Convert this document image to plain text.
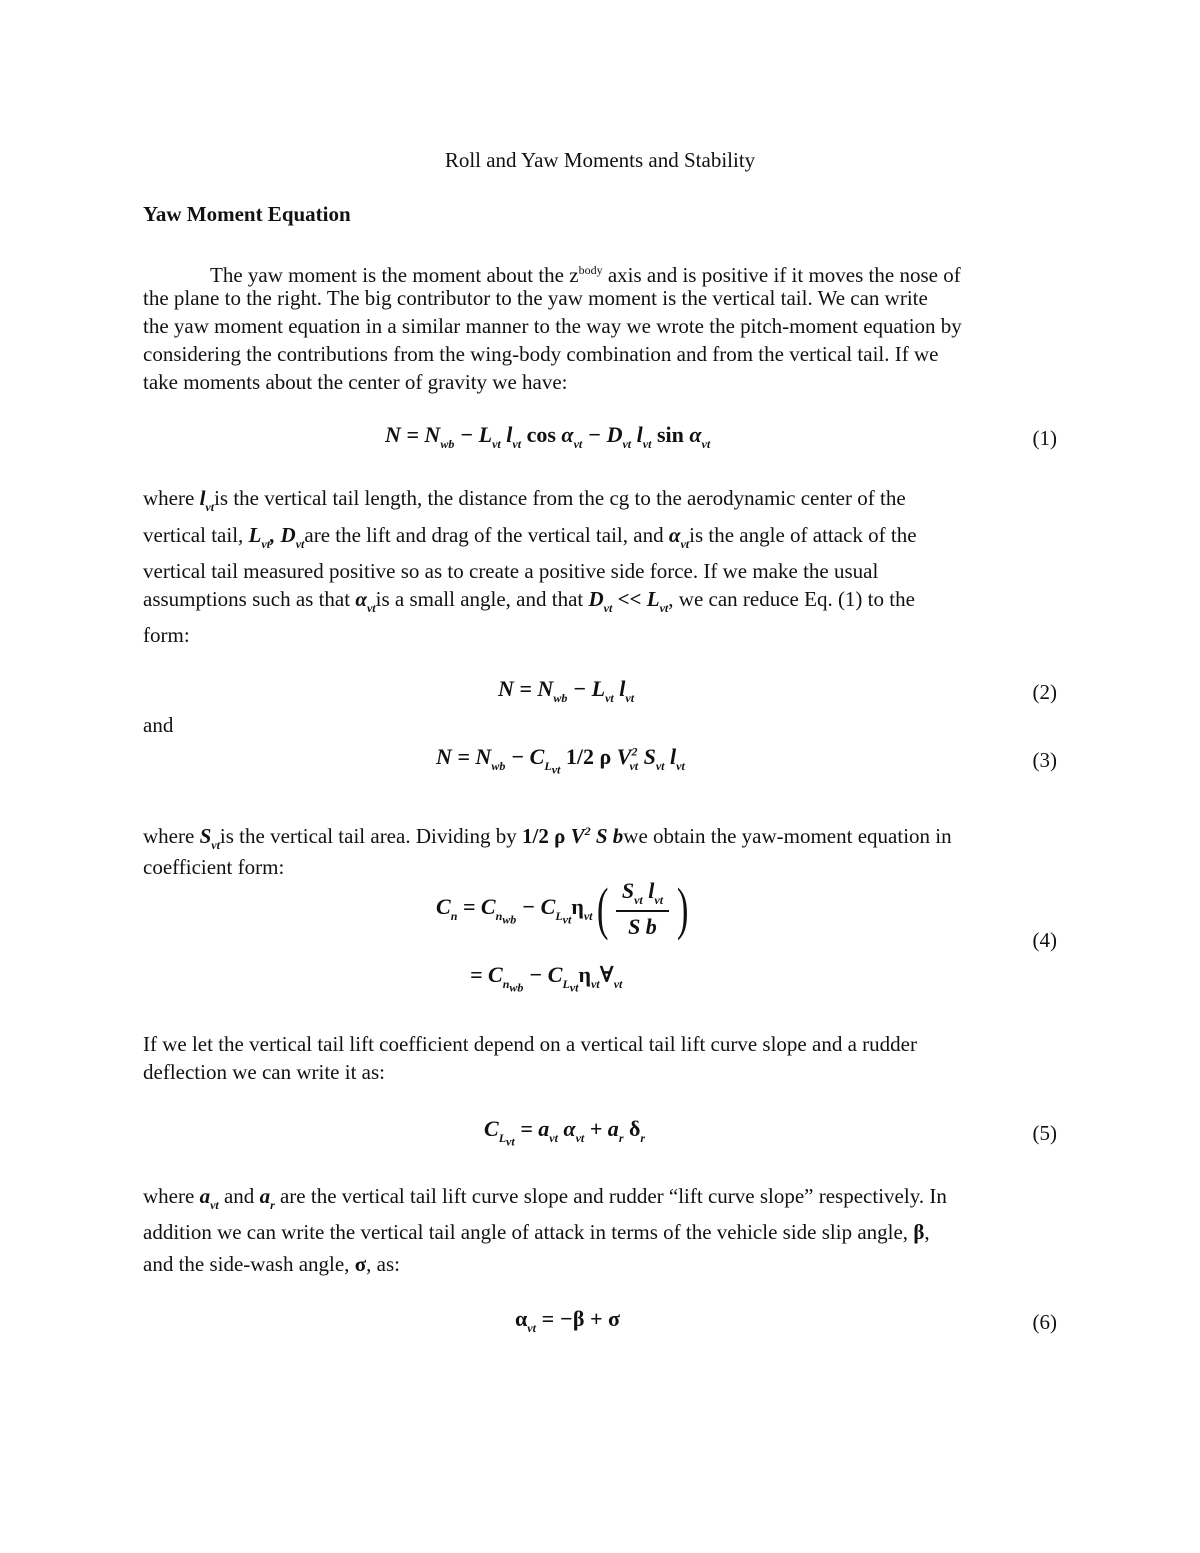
Roll and Yaw Moments and Stability
Yaw Moment Equation
The yaw moment is the moment about the $z^{body}$ axis and is positive if it moves the nose of
the plane to the right. The big contributor to the yaw moment is the vertical tail. We can write
the yaw moment equation in a similar manner to the way we wrote the pitch-moment equation by
considering the contributions from the wing-body combination and from the vertical tail. If we
take moments about the center of gravity we have:
$N = N_{wb} - L_{vt}$ $l_{vt}$ $\cos \alpha_{vt} - D_{vt}$ $l_{vt}$ $\sin \alpha_{vt}$	(1)
where $l_{vt}is$ the vertical tail length, the distance from the cg to the aerodynamic center of the
vertical tail, $L_{vt}$, $D_{vt}are$ the lift and drag of the vertical tail, and $\alpha_{vt}is$ the angle of attack of the
vertical tail measured positive so as to create a positive side force. If we make the usual
assumptions such as that $\alpha_{vt}is$ a small angle, and that $D_{vt} << L_{vt}$, we can reduce Eq. (1) to the
form:
$N = N_{wb} - L_{vt}$ $l_{vt}$	(2)
and
$N = N_{wb} - C_{L_{vt}}$ 1/2 ρ $V^2_{vt}$ $S_{vt}$ $l_{vt}$	(3)
where $S_{vt}is$ the vertical tail area. Dividing by 1/2 ρ $V^2$ S bwe obtain the yaw-moment equation in
coefficient form:
$C_n = C_{n_{wb}} - C_{L_{vt}}\eta_{vt}( \frac{S_{vt} l_{vt}}{\text{S b}}$ )
= $C_{n_{wb}}$ − $C_{L_{vt}}\eta_{vt}\forall_{vt}$
(4)
If we let the vertical tail lift coefficient depend on a vertical tail lift curve slope and a rudder
deflection we can write it as:
$C_{L_{vt}} = a_{vt}$ $\alpha_{vt} + a_r$ $\delta_r$	(5)
where $a_{vt}$ and $a_r$ are the vertical tail lift curve slope and rudder “lift curve slope” respectively. In
addition we can write the vertical tail angle of attack in terms of the vehicle side slip angle, β,
and the side-wash angle, σ, as:
$\alpha_{vt} = -\beta + \sigma$	(6)
